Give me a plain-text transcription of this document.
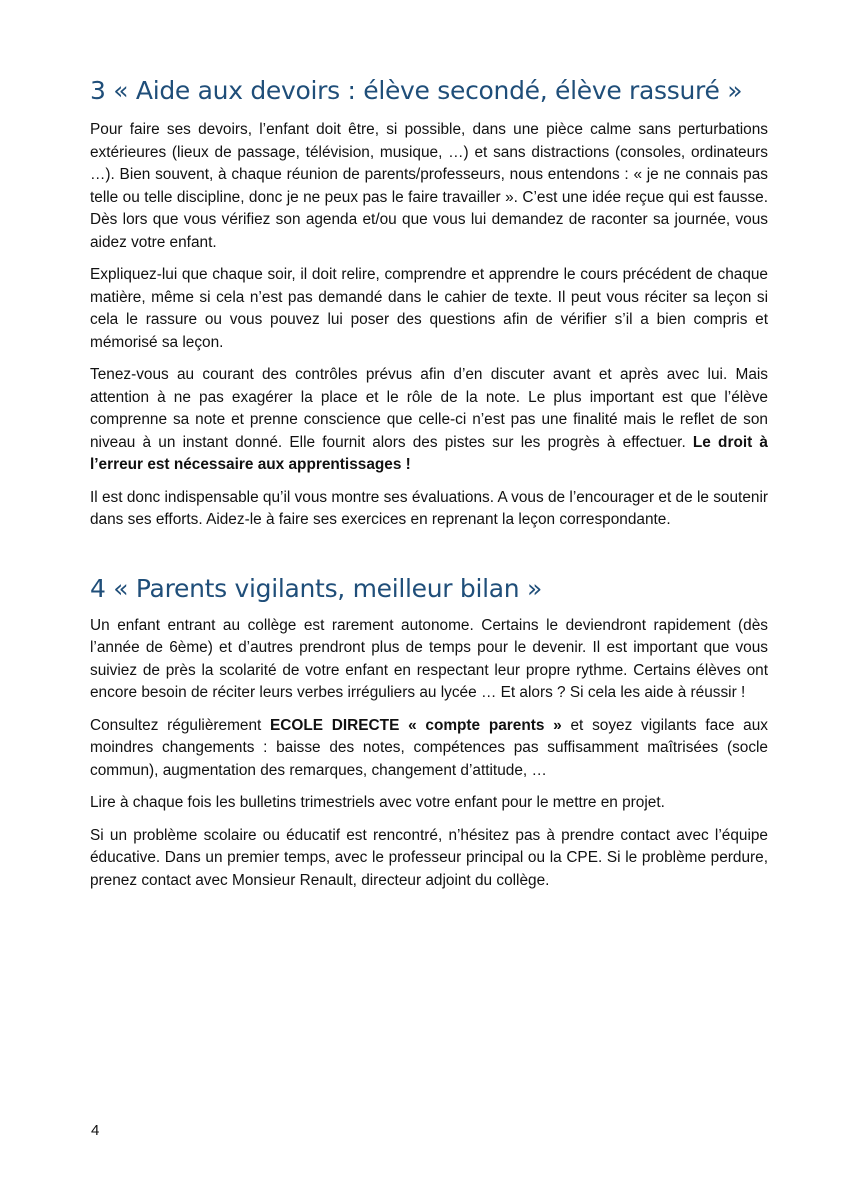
3 « Aide aux devoirs : élève secondé, élève rassuré »

Pour faire ses devoirs, l’enfant doit être, si possible, dans une pièce calme sans perturbations extérieures (lieux de passage, télévision, musique, …) et sans distractions (consoles, ordinateurs …). Bien souvent, à chaque réunion de parents/professeurs, nous entendons : « je ne connais pas telle ou telle discipline, donc je ne peux pas le faire travailler ». C’est une idée reçue qui est fausse. Dès lors que vous vérifiez son agenda et/ou que vous lui demandez de raconter sa journée, vous aidez votre enfant.

Expliquez-lui que chaque soir, il doit relire, comprendre et apprendre le cours précédent de chaque matière, même si cela n’est pas demandé dans le cahier de texte. Il peut vous réciter sa leçon si cela le rassure ou vous pouvez lui poser des questions afin de vérifier s’il a bien compris et mémorisé sa leçon.

Tenez-vous au courant des contrôles prévus afin d’en discuter avant et après avec lui. Mais attention à ne pas exagérer la place et le rôle de la note. Le plus important est que l’élève comprenne sa note et prenne conscience que celle-ci n’est pas une finalité mais le reflet de son niveau à un instant donné. Elle fournit alors des pistes sur les progrès à effectuer. Le droit à l’erreur est nécessaire aux apprentissages !

Il est donc indispensable qu’il vous montre ses évaluations. A vous de l’encourager et de le soutenir dans ses efforts. Aidez-le à faire ses exercices en reprenant la leçon correspondante.

4 « Parents vigilants, meilleur bilan »

Un enfant entrant au collège est rarement autonome. Certains le deviendront rapidement (dès l’année de 6ème) et d’autres prendront plus de temps pour le devenir. Il est important que vous suiviez de près la scolarité de votre enfant en respectant leur propre rythme. Certains élèves ont encore besoin de réciter leurs verbes irréguliers au lycée … Et alors ? Si cela les aide à réussir !

Consultez régulièrement ECOLE DIRECTE « compte parents » et soyez vigilants face aux moindres changements : baisse des notes, compétences pas suffisamment maîtrisées (socle commun), augmentation des remarques, changement d’attitude, …

Lire à chaque fois les bulletins trimestriels avec votre enfant pour le mettre en projet.

Si un problème scolaire ou éducatif est rencontré, n’hésitez pas à prendre contact avec l’équipe éducative. Dans un premier temps, avec le professeur principal ou la CPE. Si le problème perdure, prenez contact avec Monsieur Renault, directeur adjoint du collège.

4
